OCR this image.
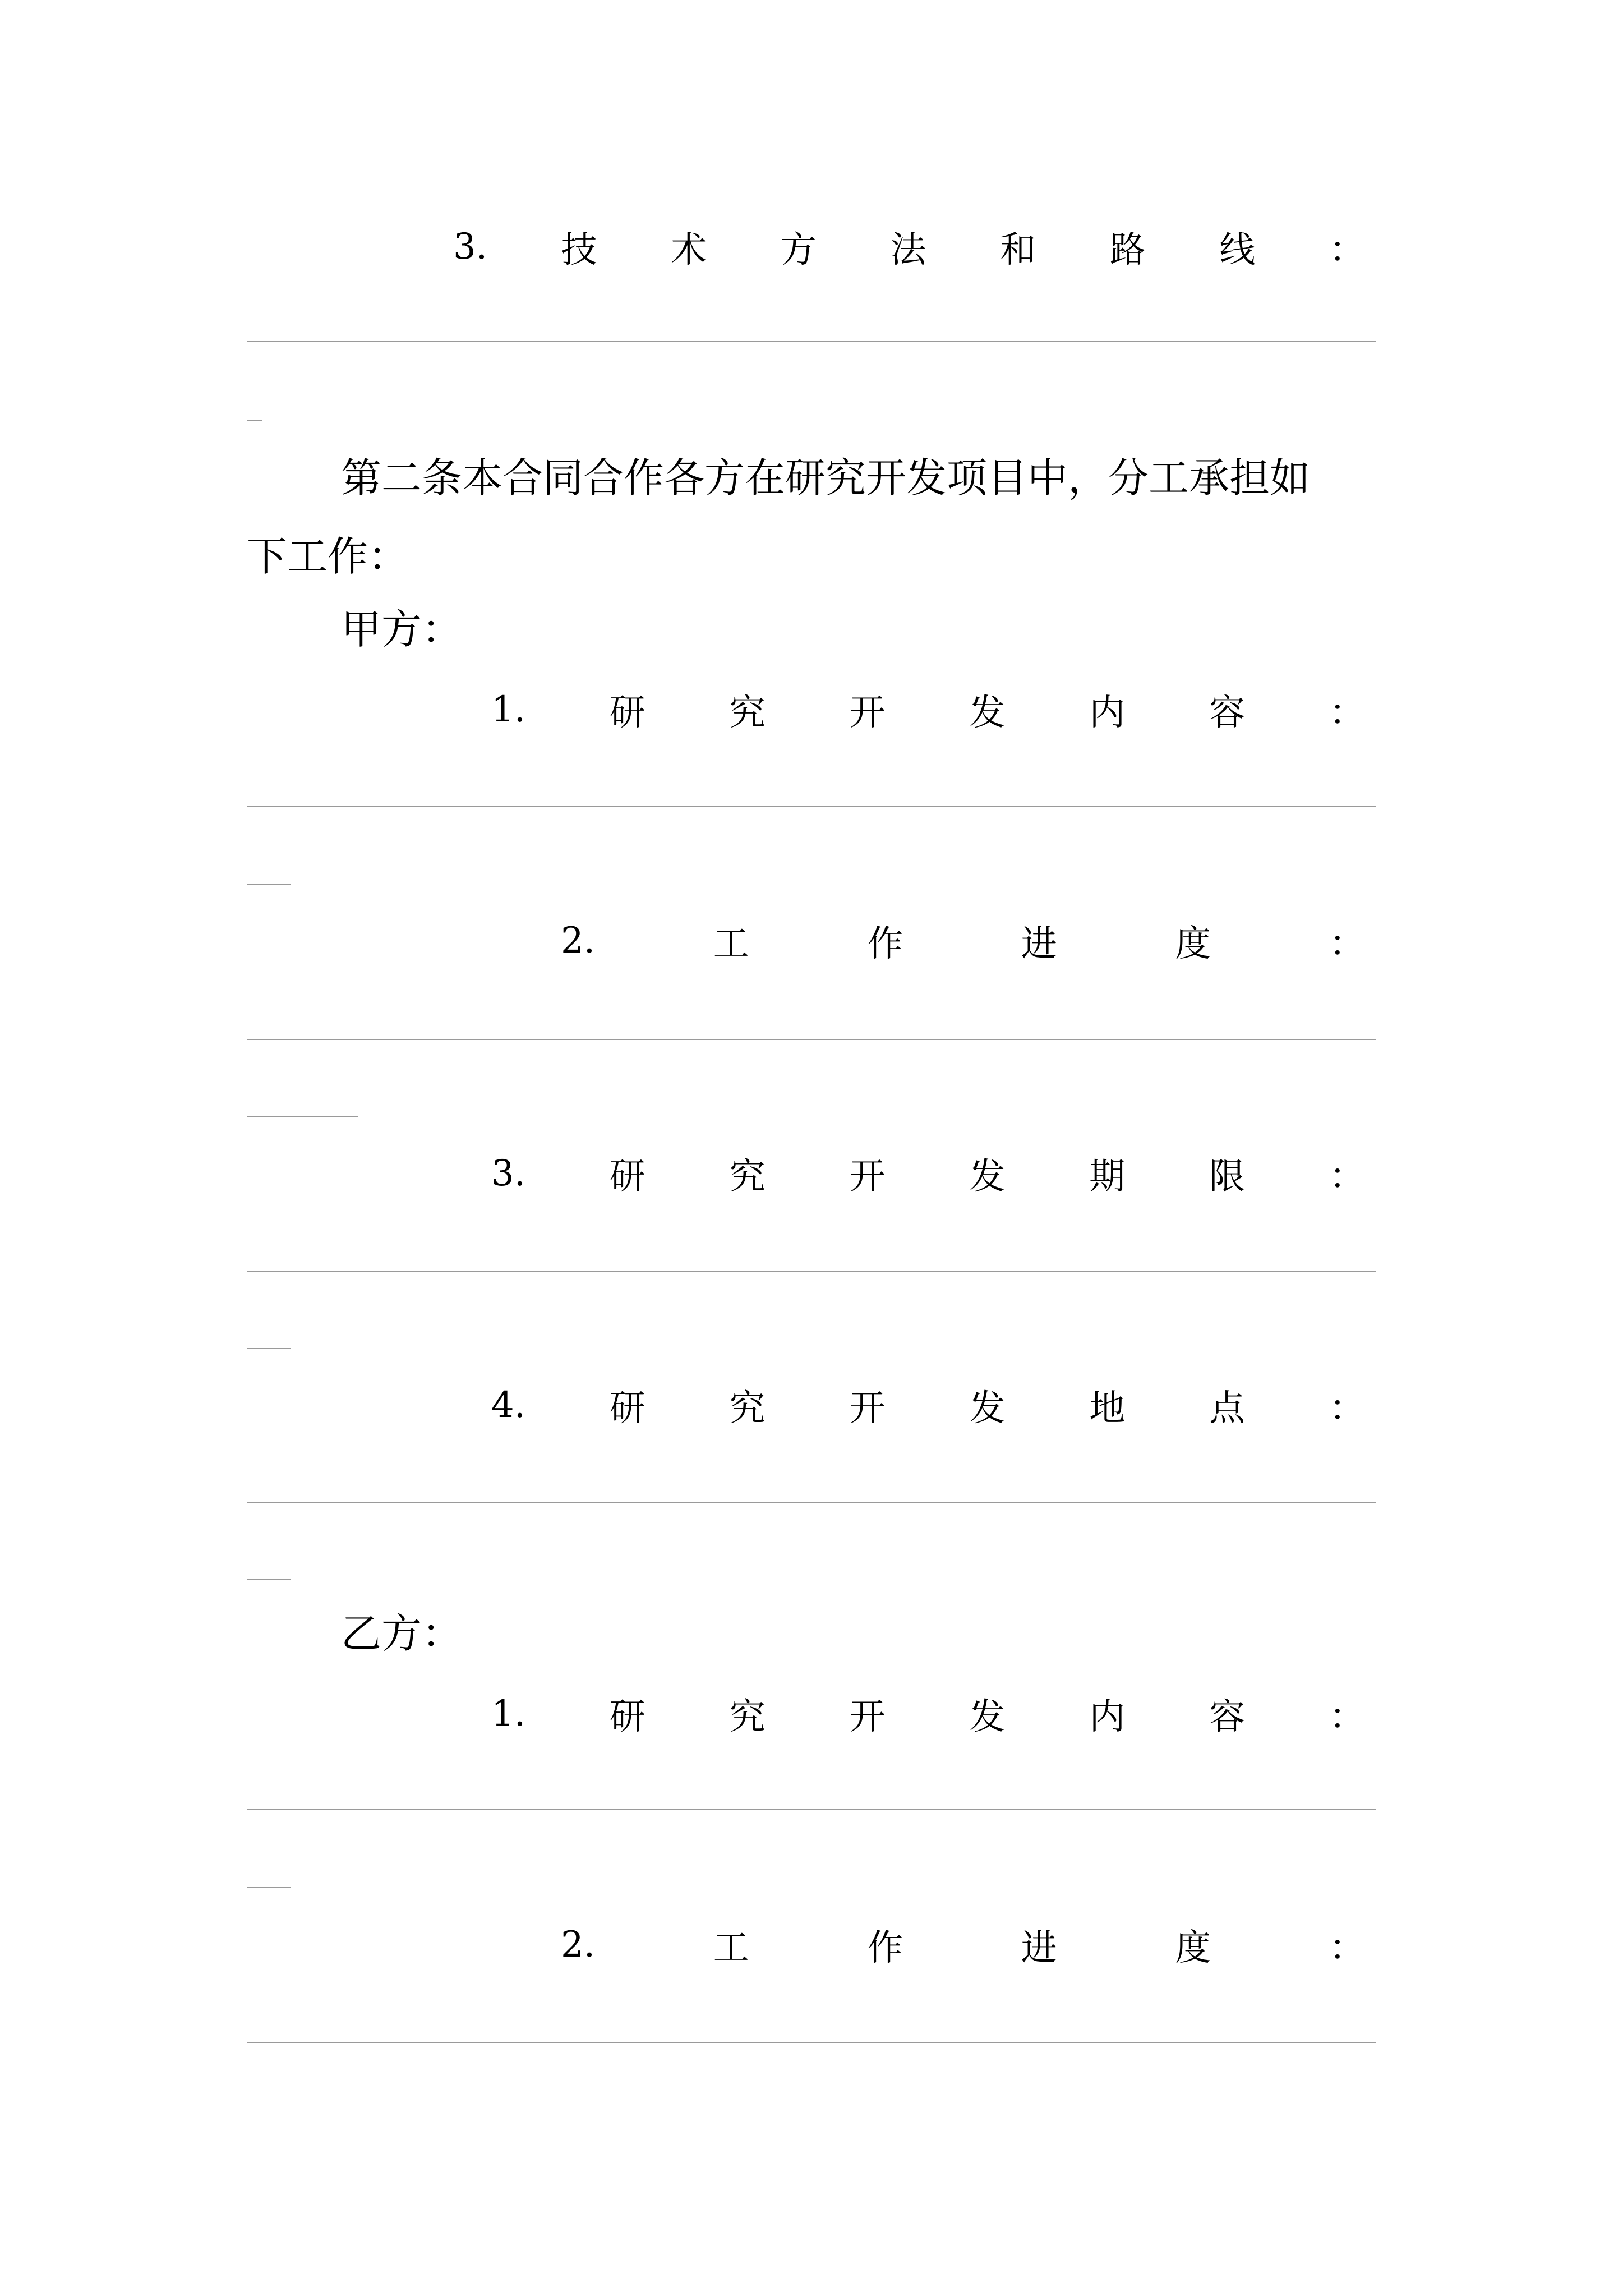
3. 技 术 方 法 和 路 线 ：
第二条本合同合作各方在研究开发项目中，分工承担如
下工作：
甲方：
1. 研 究 开 发 内 容 ：
2.	工	作	进	度	：
3. 研 究 开 发 期 限 ：
4. 研 究 开 发 地 点 ：
乙方：
1. 研 究 开 发 内 容 ：
2.	工	作	进	度	：
